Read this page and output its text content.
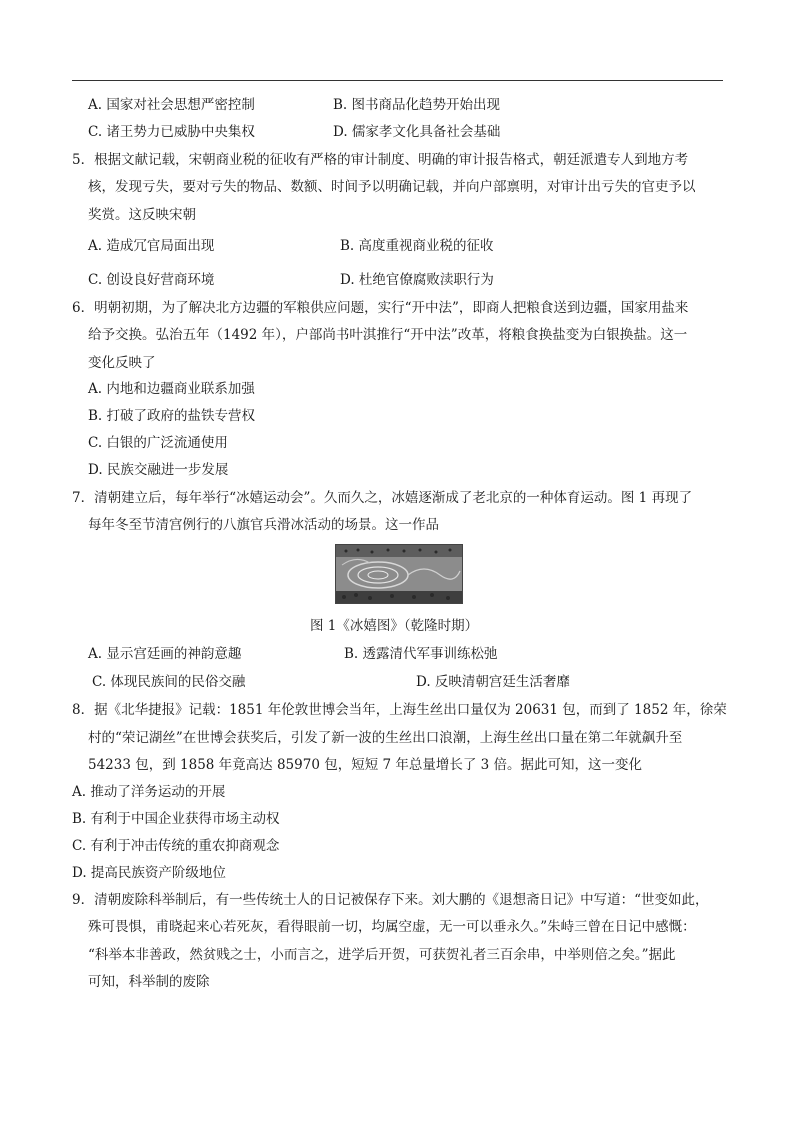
A. 国家对社会思想严密控制	B. 图书商品化趋势开始出现
C. 诸王势力已威胁中央集权	D. 儒家孝文化具备社会基础
5．根据文献记载，宋朝商业税的征收有严格的审计制度、明确的审计报告格式，朝廷派遣专人到地方考
核，发现亏失，要对亏失的物品、数额、时间予以明确记载，并向户部禀明，对审计出亏失的官吏予以
奖赏。这反映宋朝
A. 造成冗官局面出现	B. 高度重视商业税的征收
C. 创设良好营商环境	D. 杜绝官僚腐败渎职行为
6．明朝初期，为了解决北方边疆的军粮供应问题，实行“开中法”，即商人把粮食送到边疆，国家用盐来
给予交换。弘治五年（1492 年），户部尚书叶淇推行“开中法”改革，将粮食换盐变为白银换盐。这一
变化反映了
A. 内地和边疆商业联系加强
B. 打破了政府的盐铁专营权
C. 白银的广泛流通使用
D. 民族交融进一步发展
7．清朝建立后，每年举行“冰嬉运动会”。久而久之，冰嬉逐渐成了老北京的一种体育运动。图 1 再现了
每年冬至节清宫例行的八旗官兵滑冰活动的场景。这一作品
图 1《冰嬉图》（乾隆时期）
A. 显示宫廷画的神韵意趣	B. 透露清代军事训练松弛
C. 体现民族间的民俗交融	D. 反映清朝宫廷生活奢靡
8．据《北华捷报》记载：1851 年伦敦世博会当年，上海生丝出口量仅为 20631 包，而到了 1852 年，徐荣
村的“荣记湖丝”在世博会获奖后，引发了新一波的生丝出口浪潮，上海生丝出口量在第二年就飙升至
54233 包，到 1858 年竟高达 85970 包，短短 7 年总量增长了 3 倍。据此可知，这一变化
A. 推动了洋务运动的开展
B. 有利于中国企业获得市场主动权
C. 有利于冲击传统的重农抑商观念
D. 提高民族资产阶级地位
9．清朝废除科举制后，有一些传统士人的日记被保存下来。刘大鹏的《退想斋日记》中写道：“世变如此，
殊可畏惧，甫晓起来心若死灰，看得眼前一切，均属空虚，无一可以垂永久。”朱峙三曾在日记中感慨：
“科举本非善政，然贫贱之士，小而言之，进学后开贺，可获贺礼者三百余串，中举则倍之矣。”据此
可知，科举制的废除
